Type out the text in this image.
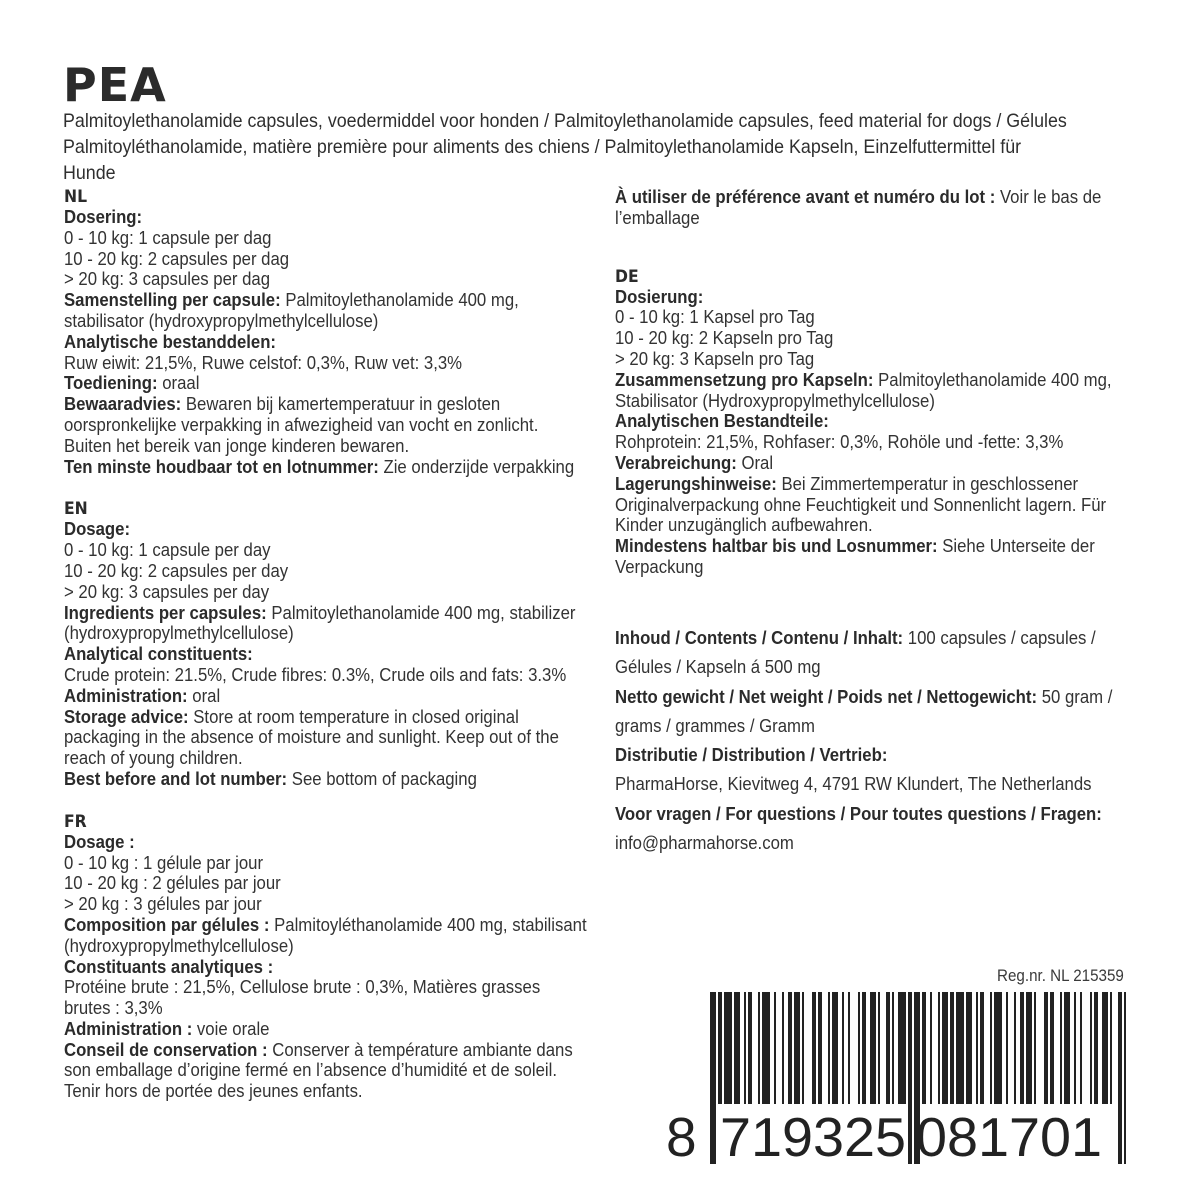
PEA
Palmitoylethanolamide capsules, voedermiddel voor honden / Palmitoylethanolamide capsules, feed material for dogs / Gélules Palmitoyléthanolamide, matière première pour aliments des chiens / Palmitoylethanolamide Kapseln, Einzelfuttermittel für Hunde

NL

Dosering:

0 - 10 kg: 1 capsule per dag

10 - 20 kg: 2 capsules per dag

> 20 kg: 3 capsules per dag

Samenstelling per capsule: Palmitoylethanolamide 400 mg, stabilisator (hydroxypropylmethylcellulose)

Analytische bestanddelen:

Ruw eiwit: 21,5%, Ruwe celstof: 0,3%, Ruw vet: 3,3%

Toediening: oraal

Bewaaradvies: Bewaren bij kamertemperatuur in gesloten oorspronkelijke verpakking in afwezigheid van vocht en zonlicht. Buiten het bereik van jonge kinderen bewaren.

Ten minste houdbaar tot en lotnummer: Zie onderzijde verpakking

EN

Dosage:

0 - 10 kg: 1 capsule per day

10 - 20 kg: 2 capsules per day

> 20 kg: 3 capsules per day

Ingredients per capsules: Palmitoylethanolamide 400 mg, stabilizer (hydroxypropylmethylcellulose)

Analytical constituents:

Crude protein: 21.5%, Crude fibres: 0.3%, Crude oils and fats: 3.3%

Administration: oral

Storage advice: Store at room temperature in closed original packaging in the absence of moisture and sunlight. Keep out of the reach of young children.

Best before and lot number: See bottom of packaging

FR

Dosage :

0 - 10 kg : 1 gélule par jour

10 - 20 kg : 2 gélules par jour

> 20 kg : 3 gélules par jour

Composition par gélules : Palmitoyléthanolamide 400 mg, stabilisant (hydroxypropylmethylcellulose)

Constituants analytiques :

Protéine brute : 21,5%, Cellulose brute : 0,3%, Matières grasses brutes : 3,3%

Administration : voie orale

Conseil de conservation : Conserver à température ambiante dans son emballage d’origine fermé en l’absence d’humidité et de soleil. Tenir hors de portée des jeunes enfants.

À utiliser de préférence avant et numéro du lot : Voir le bas de l’emballage

DE

Dosierung:

0 - 10 kg: 1 Kapsel pro Tag

10 - 20 kg: 2 Kapseln pro Tag

> 20 kg: 3 Kapseln pro Tag

Zusammensetzung pro Kapseln: Palmitoylethanolamide 400 mg, Stabilisator (Hydroxypropylmethylcellulose)

Analytischen Bestandteile:

Rohprotein: 21,5%, Rohfaser: 0,3%, Rohöle und -fette: 3,3%

Verabreichung: Oral

Lagerungshinweise: Bei Zimmertemperatur in geschlossener Originalverpackung ohne Feuchtigkeit und Sonnenlicht lagern. Für Kinder unzugänglich aufbewahren.

Mindestens haltbar bis und Losnummer: Siehe Unterseite der Verpackung

Inhoud / Contents / Contenu / Inhalt: 100 capsules / capsules / Gélules / Kapseln á 500 mg

Netto gewicht / Net weight / Poids net / Nettogewicht: 50 gram / grams / grammes / Gramm

Distributie / Distribution / Vertrieb:

PharmaHorse, Kievitweg 4, 4791 RW Klundert, The Netherlands

Voor vragen / For questions / Pour toutes questions / Fragen:

info@pharmahorse.com

Reg.nr. NL 215359
8 719325 081701
